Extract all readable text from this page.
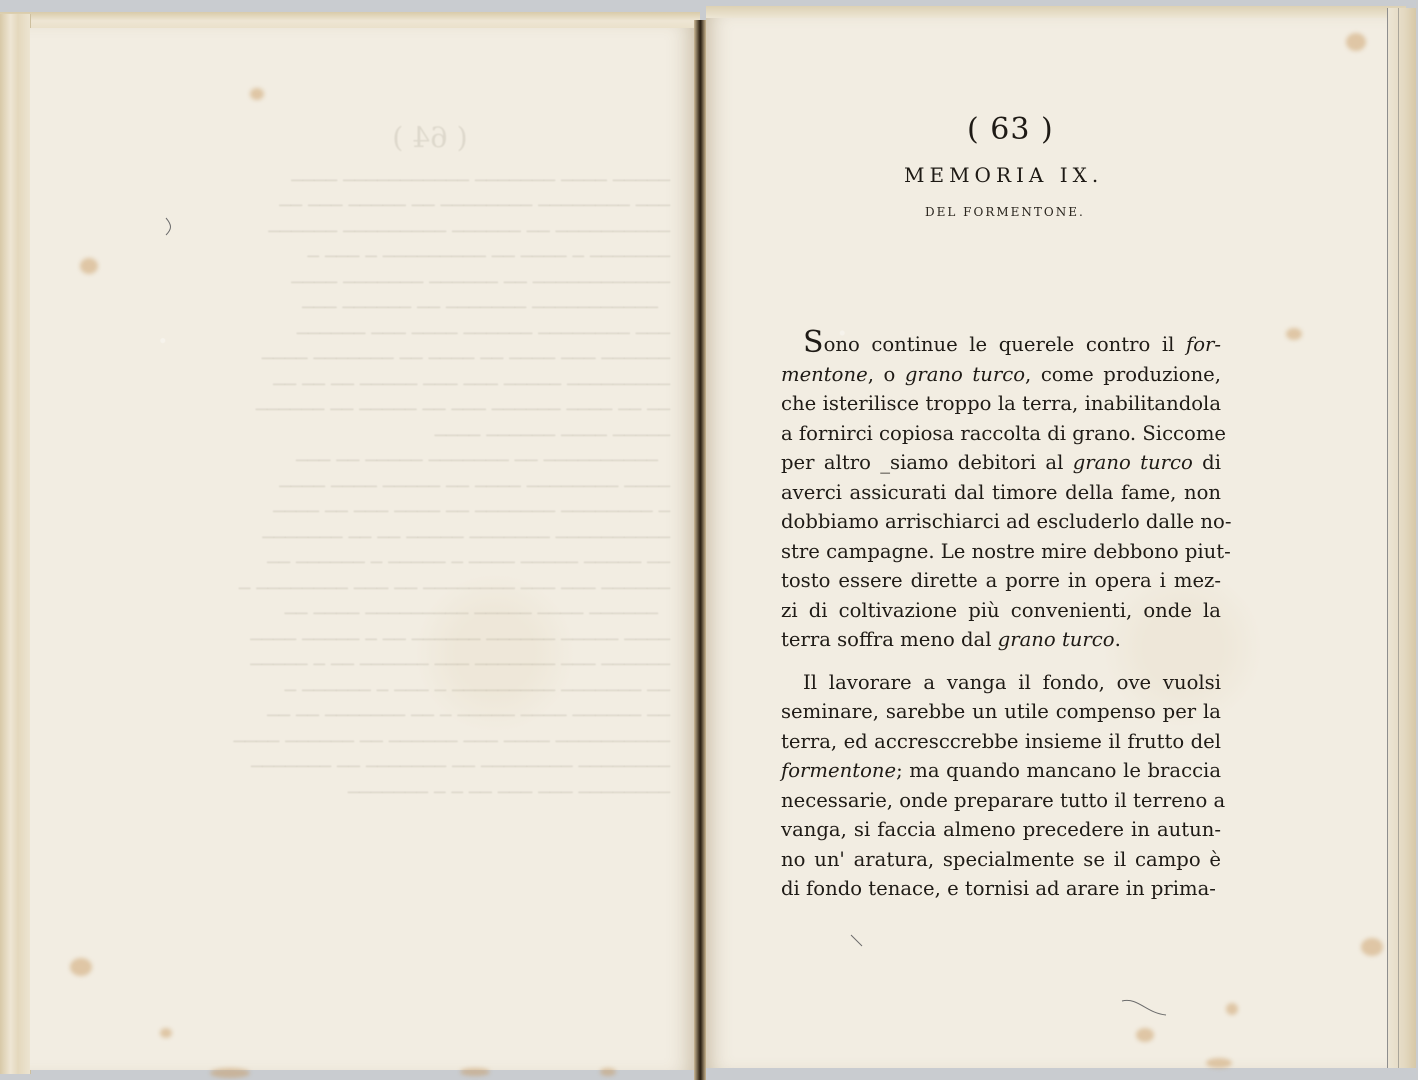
( 63 )
MEMORIA IX.
DEL FORMENTONE.
Sono continue le querele contro il for-
mentone, o grano turco, come produzione,
che isterilisce troppo la terra, inabilitandola
a fornirci copiosa raccolta di grano. Siccome
per altro _siamo debitori al grano turco di
averci assicurati dal timore della fame, non
dobbiamo arrischiarci ad escluderlo dalle no-
stre campagne. Le nostre mire debbono piut-
tosto essere dirette a porre in opera i mez-
zi di coltivazione più convenienti, onde la
terra soffra meno dal grano turco.
Il lavorare a vanga il fondo, ove vuolsi
seminare, sarebbe un utile compenso per la
terra, ed accresccrebbe insieme il frutto del
formentone; ma quando mancano le braccia
necessarie, onde preparare tutto il terreno a
vanga, si faccia almeno precedere in autun-
no un' aratura, specialmente se il campo è
di fondo tenace, e tornisi ad arare in prima-
